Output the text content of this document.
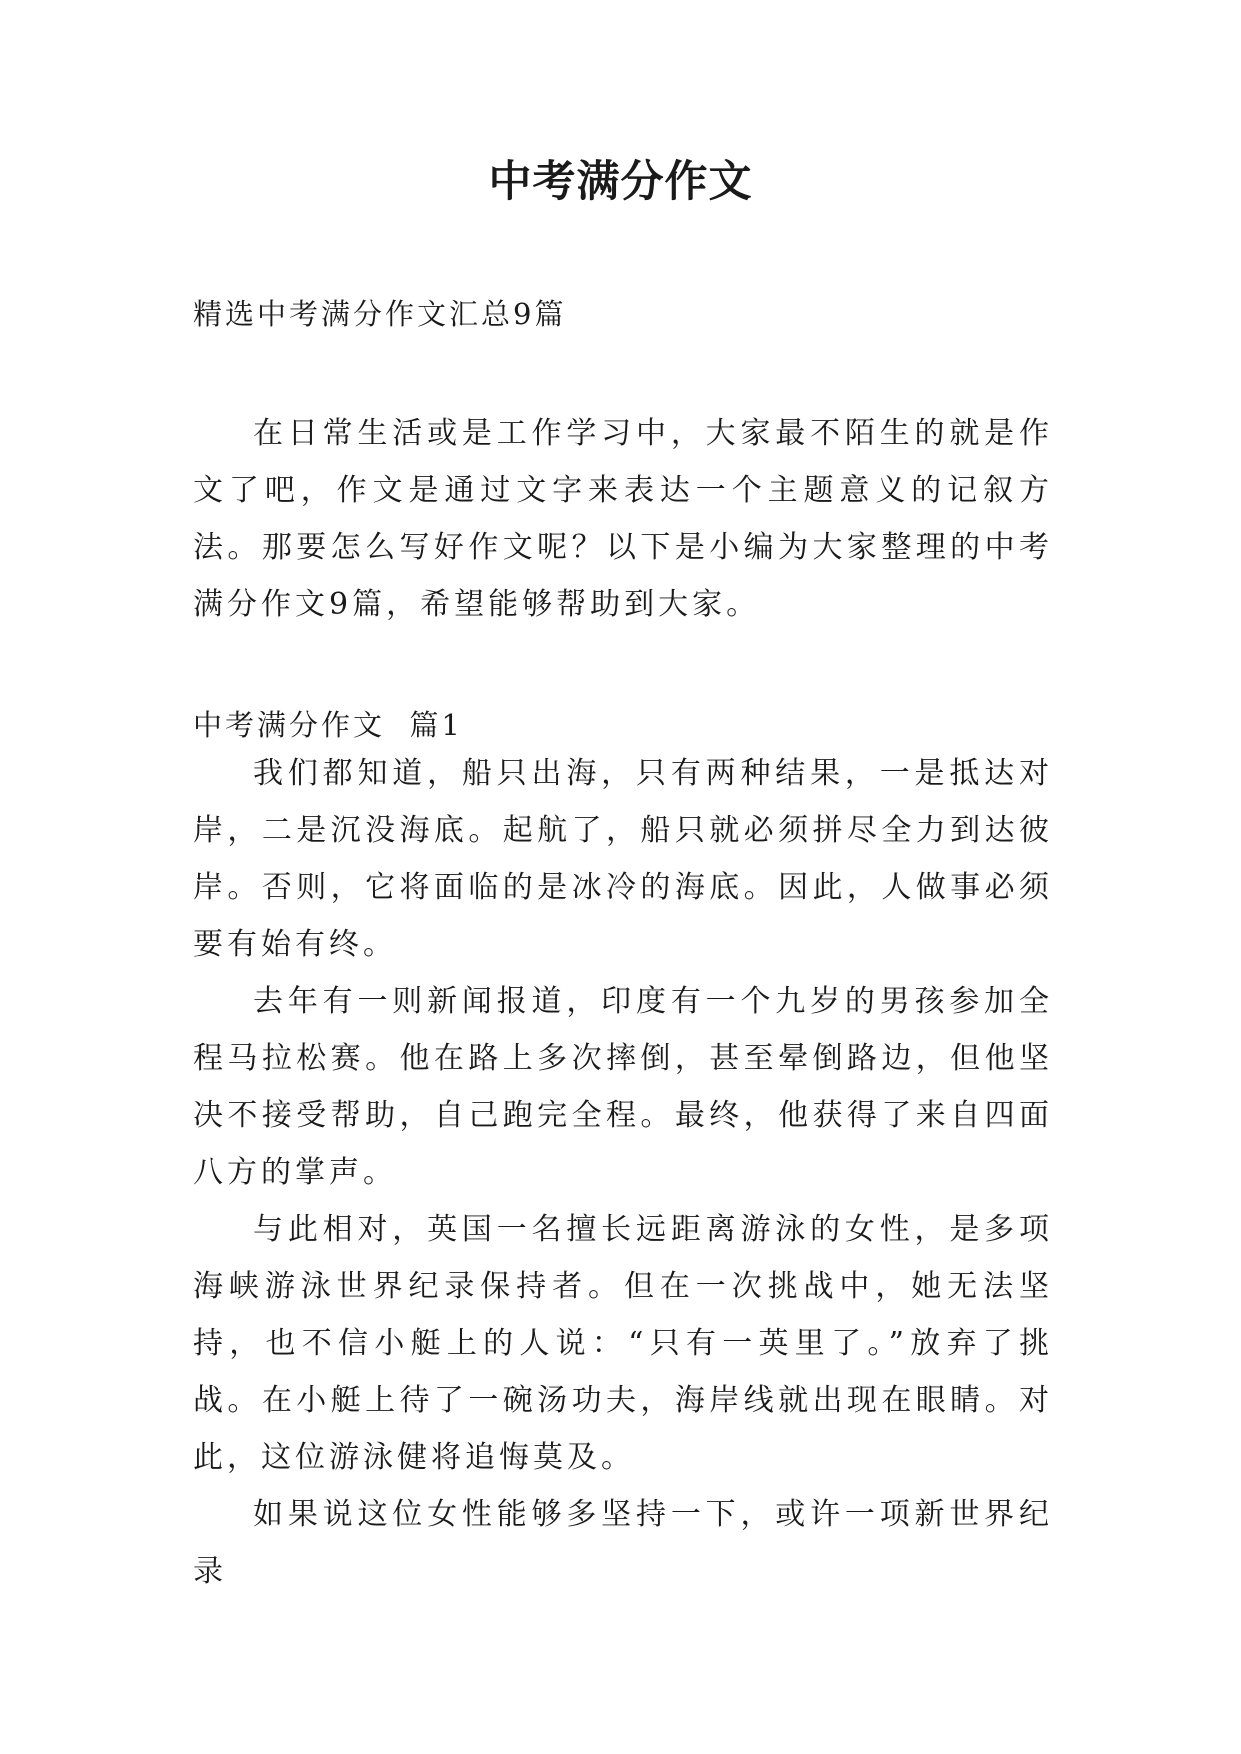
中考满分作文
精选中考满分作文汇总9篇

在日常生活或是工作学习中，大家最不陌生的就是作文了吧，作文是通过文字来表达一个主题意义的记叙方法。那要怎么写好作文呢？以下是小编为大家整理的中考满分作文9篇，希望能够帮助到大家。

中考满分作文  篇1

我们都知道，船只出海，只有两种结果，一是抵达对岸，二是沉没海底。起航了，船只就必须拼尽全力到达彼岸。否则，它将面临的是冰冷的海底。因此，人做事必须要有始有终。

去年有一则新闻报道，印度有一个九岁的男孩参加全程马拉松赛。他在路上多次摔倒，甚至晕倒路边，但他坚决不接受帮助，自己跑完全程。最终，他获得了来自四面八方的掌声。

与此相对，英国一名擅长远距离游泳的女性，是多项海峡游泳世界纪录保持者。但在一次挑战中，她无法坚持，也不信小艇上的人说：“只有一英里了。”放弃了挑战。在小艇上待了一碗汤功夫，海岸线就出现在眼睛。对此，这位游泳健将追悔莫及。

如果说这位女性能够多坚持一下，或许一项新世界纪录
